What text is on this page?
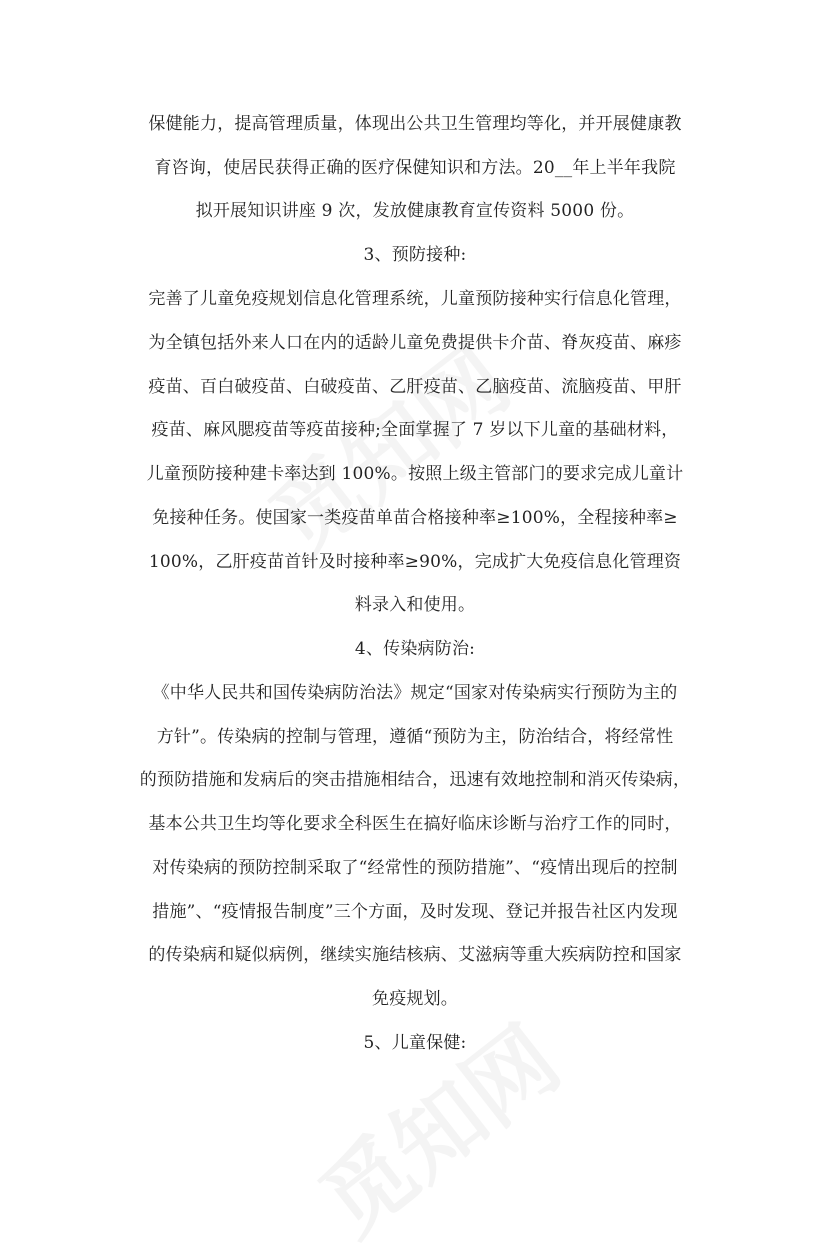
保健能力，提高管理质量，体现出公共卫生管理均等化，并开展健康教
育咨询，使居民获得正确的医疗保健知识和方法。20__年上半年我院
拟开展知识讲座 9 次，发放健康教育宣传资料 5000 份。
3、预防接种:
完善了儿童免疫规划信息化管理系统，儿童预防接种实行信息化管理，
为全镇包括外来人口在内的适龄儿童免费提供卡介苗、脊灰疫苗、麻疹
疫苗、百白破疫苗、白破疫苗、乙肝疫苗、乙脑疫苗、流脑疫苗、甲肝
疫苗、麻风腮疫苗等疫苗接种;全面掌握了 7 岁以下儿童的基础材料，
儿童预防接种建卡率达到 100%。按照上级主管部门的要求完成儿童计
免接种任务。使国家一类疫苗单苗合格接种率≥100%，全程接种率≥
100%，乙肝疫苗首针及时接种率≥90%，完成扩大免疫信息化管理资
料录入和使用。
4、传染病防治:
《中华人民共和国传染病防治法》规定“国家对传染病实行预防为主的
方针”。传染病的控制与管理，遵循“预防为主，防治结合，将经常性
的预防措施和发病后的突击措施相结合，迅速有效地控制和消灭传染病，
基本公共卫生均等化要求全科医生在搞好临床诊断与治疗工作的同时，
对传染病的预防控制采取了“经常性的预防措施”、“疫情出现后的控制
措施”、“疫情报告制度”三个方面，及时发现、登记并报告社区内发现
的传染病和疑似病例，继续实施结核病、艾滋病等重大疾病防控和国家
免疫规划。
5、儿童保健:
